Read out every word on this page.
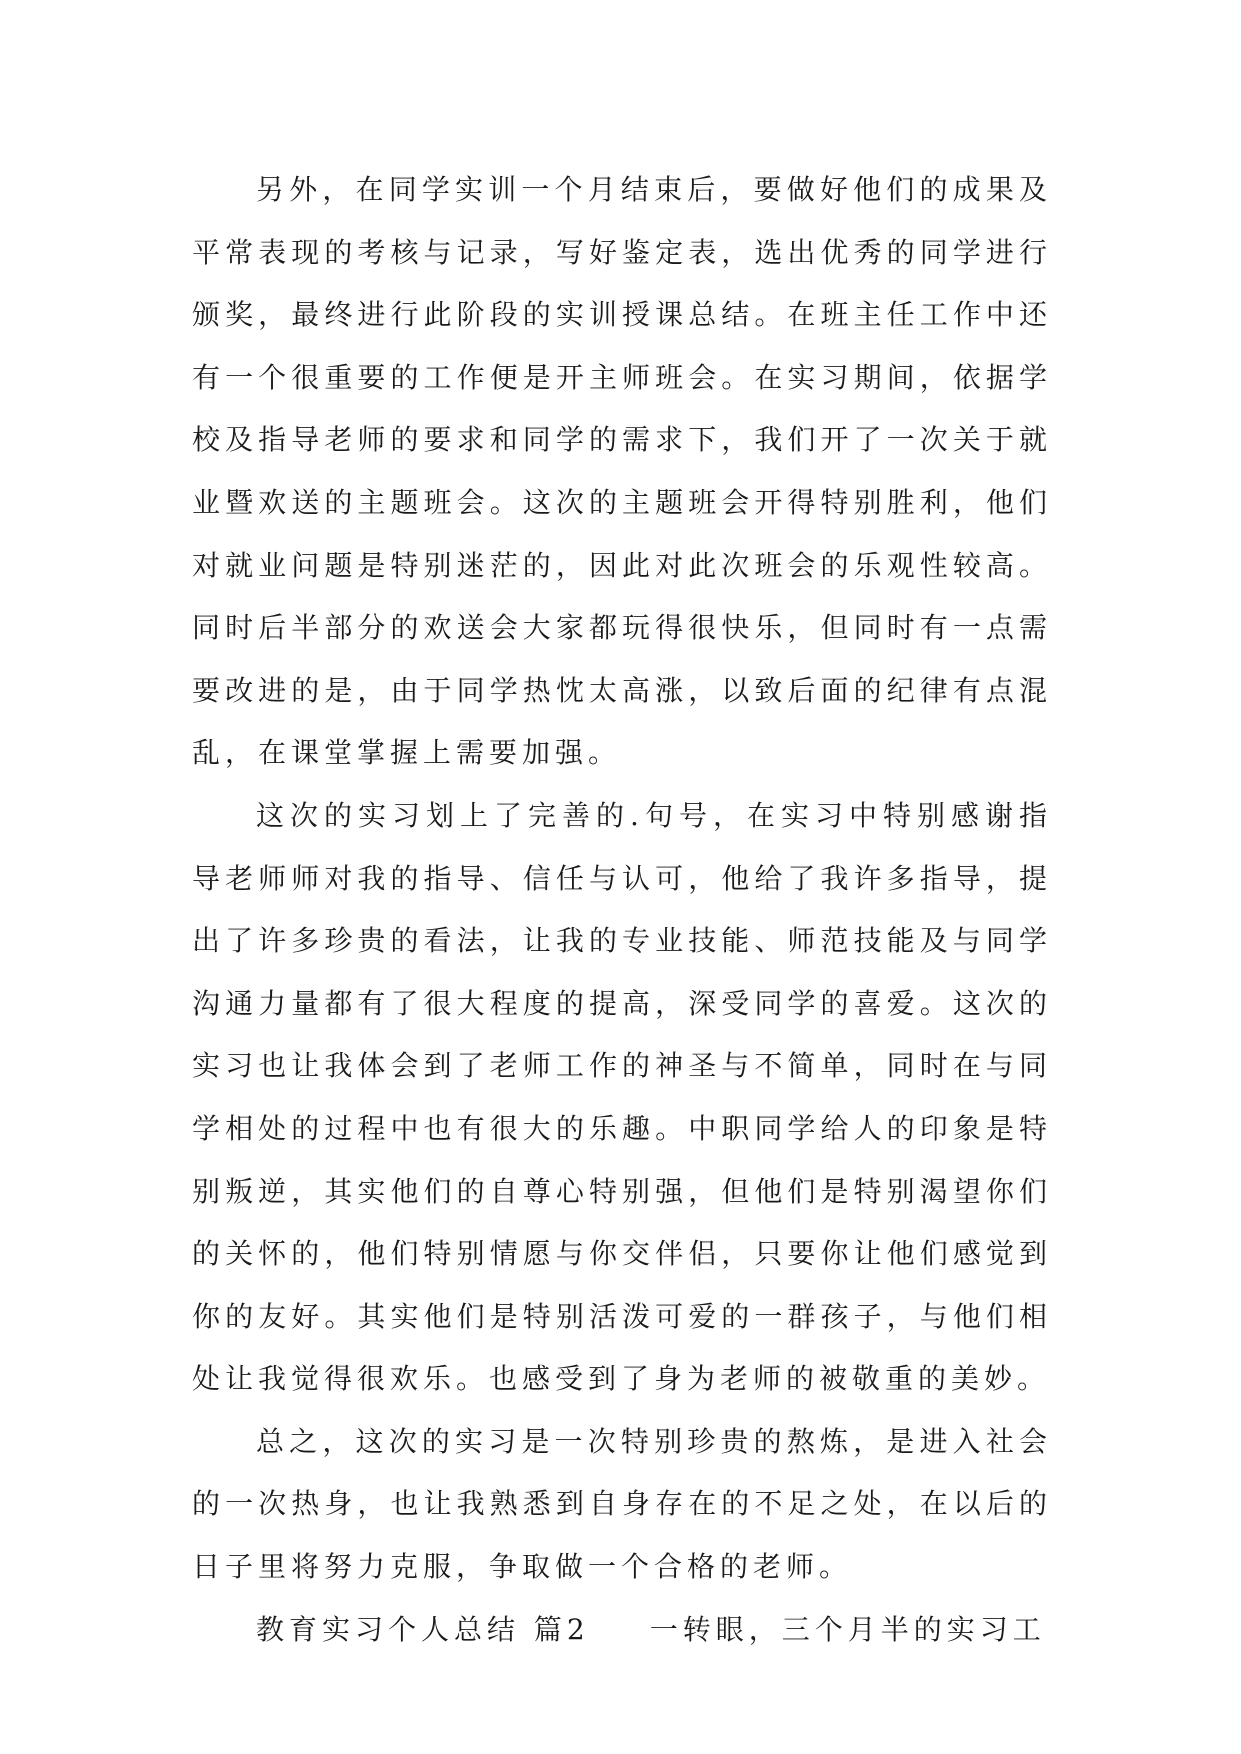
另外，在同学实训一个月结束后，要做好他们的成果及平常表现的考核与记录，写好鉴定表，选出优秀的同学进行颁奖，最终进行此阶段的实训授课总结。在班主任工作中还有一个很重要的工作便是开主师班会。在实习期间，依据学校及指导老师的要求和同学的需求下，我们开了一次关于就业暨欢送的主题班会。这次的主题班会开得特别胜利，他们对就业问题是特别迷茫的，因此对此次班会的乐观性较高。同时后半部分的欢送会大家都玩得很快乐，但同时有一点需要改进的是，由于同学热忱太高涨，以致后面的纪律有点混乱，在课堂掌握上需要加强。

这次的实习划上了完善的.句号，在实习中特别感谢指导老师师对我的指导、信任与认可，他给了我许多指导，提出了许多珍贵的看法，让我的专业技能、师范技能及与同学沟通力量都有了很大程度的提高，深受同学的喜爱。这次的实习也让我体会到了老师工作的神圣与不简单，同时在与同学相处的过程中也有很大的乐趣。中职同学给人的印象是特别叛逆，其实他们的自尊心特别强，但他们是特别渴望你们的关怀的，他们特别情愿与你交伴侣，只要你让他们感觉到你的友好。其实他们是特别活泼可爱的一群孩子，与他们相处让我觉得很欢乐。也感受到了身为老师的被敬重的美妙。

总之，这次的实习是一次特别珍贵的熬炼，是进入社会的一次热身，也让我熟悉到自身存在的不足之处，在以后的日子里将努力克服，争取做一个合格的老师。

教育实习个人总结 篇2 一转眼，三个月半的实习工
